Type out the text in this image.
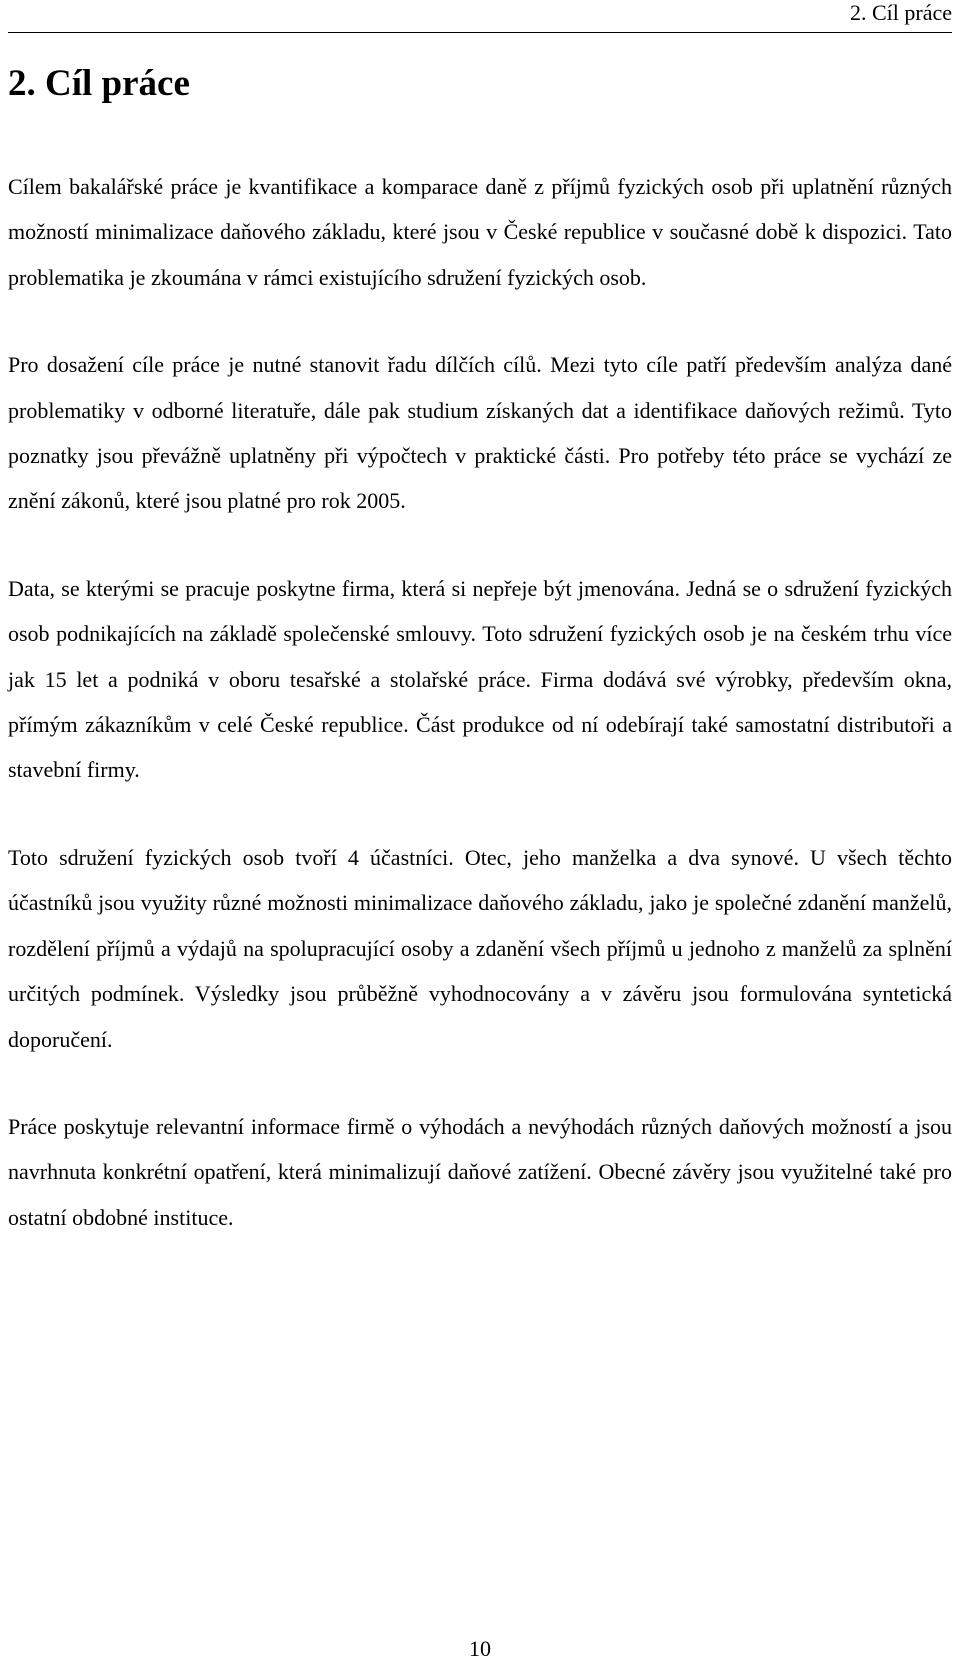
2. Cíl práce
2. Cíl práce

Cílem bakalářské práce je kvantifikace a komparace daně z příjmů fyzických osob při uplatnění různých možností minimalizace daňového základu, které jsou v České republice v současné době k dispozici. Tato problematika je zkoumána v rámci existujícího sdružení fyzických osob.

Pro dosažení cíle práce je nutné stanovit řadu dílčích cílů. Mezi tyto cíle patří především analýza dané problematiky v odborné literatuře, dále pak studium získaných dat a identifikace daňových režimů. Tyto poznatky jsou převážně uplatněny při výpočtech v praktické části. Pro potřeby této práce se vychází ze znění zákonů, které jsou platné pro rok 2005.

Data, se kterými se pracuje poskytne firma, která si nepřeje být jmenována. Jedná se o sdružení fyzických osob podnikajících na základě společenské smlouvy. Toto sdružení fyzických osob je na českém trhu více jak 15 let a podniká v oboru tesařské a stolařské práce. Firma dodává své výrobky, především okna, přímým zákazníkům v celé České republice. Část produkce od ní odebírají také samostatní distributoři a stavební firmy.

Toto sdružení fyzických osob tvoří 4 účastníci. Otec, jeho manželka a dva synové. U všech těchto účastníků jsou využity různé možnosti minimalizace daňového základu, jako je společné zdanění manželů, rozdělení příjmů a výdajů na spolupracující osoby a zdanění všech příjmů u jednoho z manželů za splnění určitých podmínek. Výsledky jsou průběžně vyhodnocovány a v závěru jsou formulována syntetická doporučení.

Práce poskytuje relevantní informace firmě o výhodách a nevýhodách různých daňových možností a jsou navrhnuta konkrétní opatření, která minimalizují daňové zatížení. Obecné závěry jsou využitelné také pro ostatní obdobné instituce.

10
